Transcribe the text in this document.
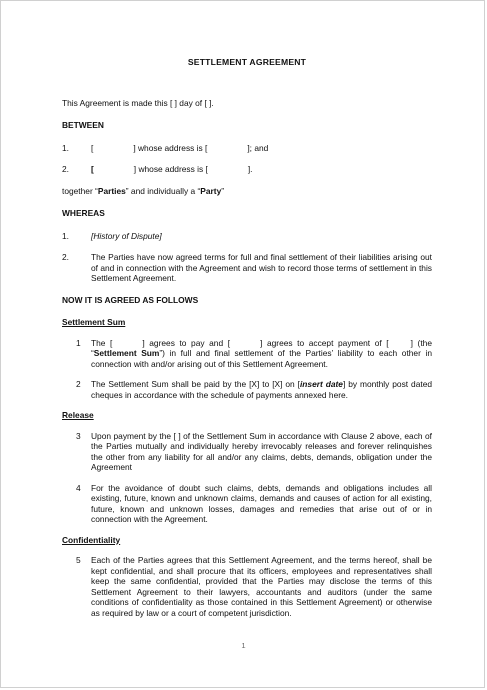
SETTLEMENT AGREEMENT

This Agreement is made this [ ] day of [ ].

BETWEEN

1.	[	] whose address is [	]; and
2.	[	] whose address is [	].

together “Parties” and individually a “Party”

WHEREAS

1.	[History of Dispute]
2.	The Parties have now agreed terms for full and final settlement of their liabilities arising out of and in connection with the Agreement and wish to record those terms of settlement in this Settlement Agreement.

NOW IT IS AGREED AS FOLLOWS

Settlement Sum

1	The [	] agrees to pay and [	] agrees to accept payment of [	] (the “Settlement Sum”) in full and final settlement of the Parties’ liability to each other in connection with and/or arising out of this Settlement Agreement.
2	The Settlement Sum shall be paid by the [X] to [X] on [insert date] by monthly post dated cheques in accordance with the schedule of payments annexed here.

Release

3	Upon payment by the [ ] of the Settlement Sum in accordance with Clause 2 above, each of the Parties mutually and individually hereby irrevocably releases and forever relinquishes the other from any liability for all and/or any claims, debts, demands, obligation under the Agreement
4	For the avoidance of doubt such claims, debts, demands and obligations includes all existing, future, known and unknown claims, demands and causes of action for all existing, future, known and unknown losses, damages and remedies that arise out of or in connection with the Agreement.

Confidentiality

5	Each of the Parties agrees that this Settlement Agreement, and the terms hereof, shall be kept confidential, and shall procure that its officers, employees and representatives shall keep the same confidential, provided that the Parties may disclose the terms of this Settlement Agreement to their lawyers, accountants and auditors (under the same conditions of confidentiality as those contained in this Settlement Agreement) or otherwise as required by law or a court of competent jurisdiction.
1
